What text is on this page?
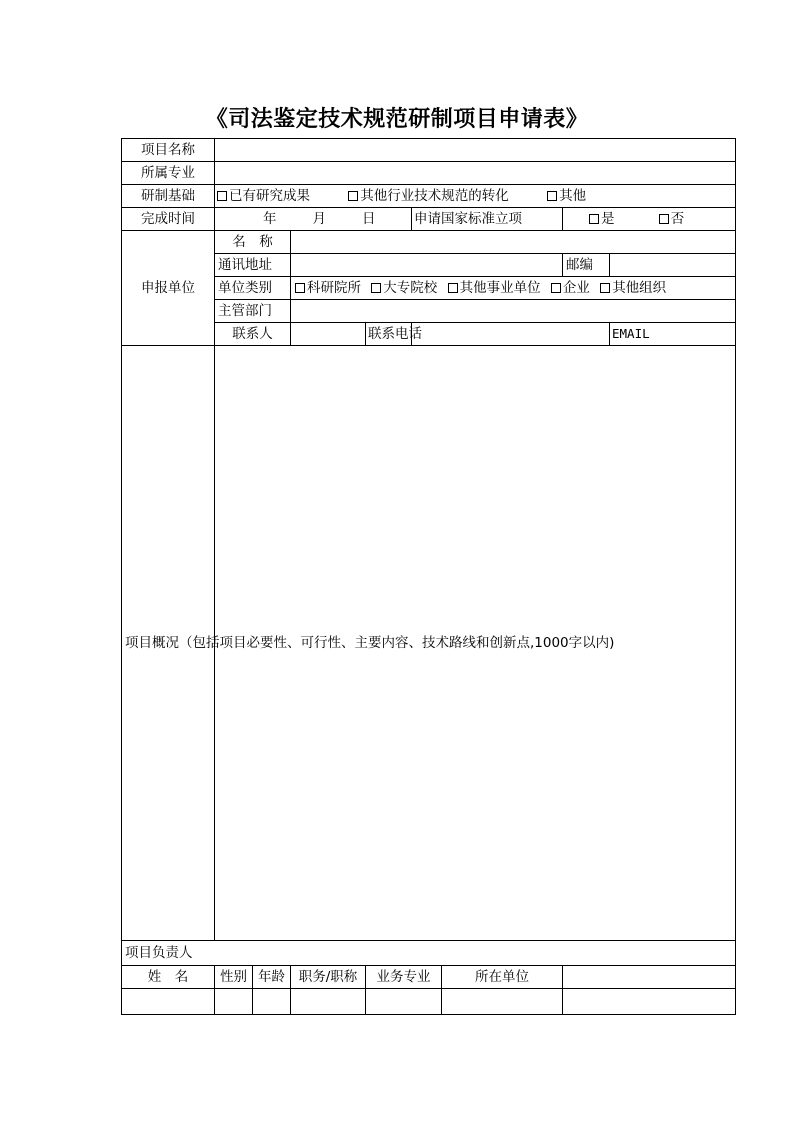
《司法鉴定技术规范研制项目申请表》
项目名称								
所属专业								
研制基础	已有研究成果 其他行业技术规范的转化 其他							
完成时间	年 月 日				申请国家标准立项	是 否		
申报单位	名　称							
	通讯地址					邮编		
	单位类别		科研院所 大专院校 其他事业单位 企业 其他组织					
	主管部门							
	联系人			联系电话			EMAIL	
项目概况（包括项目必要性、可行性、主要内容、技术路线和创新点,1000字以内)								
项目负责人								
姓　名	性别	年龄	职务/职称	业务专业 所在单位				
